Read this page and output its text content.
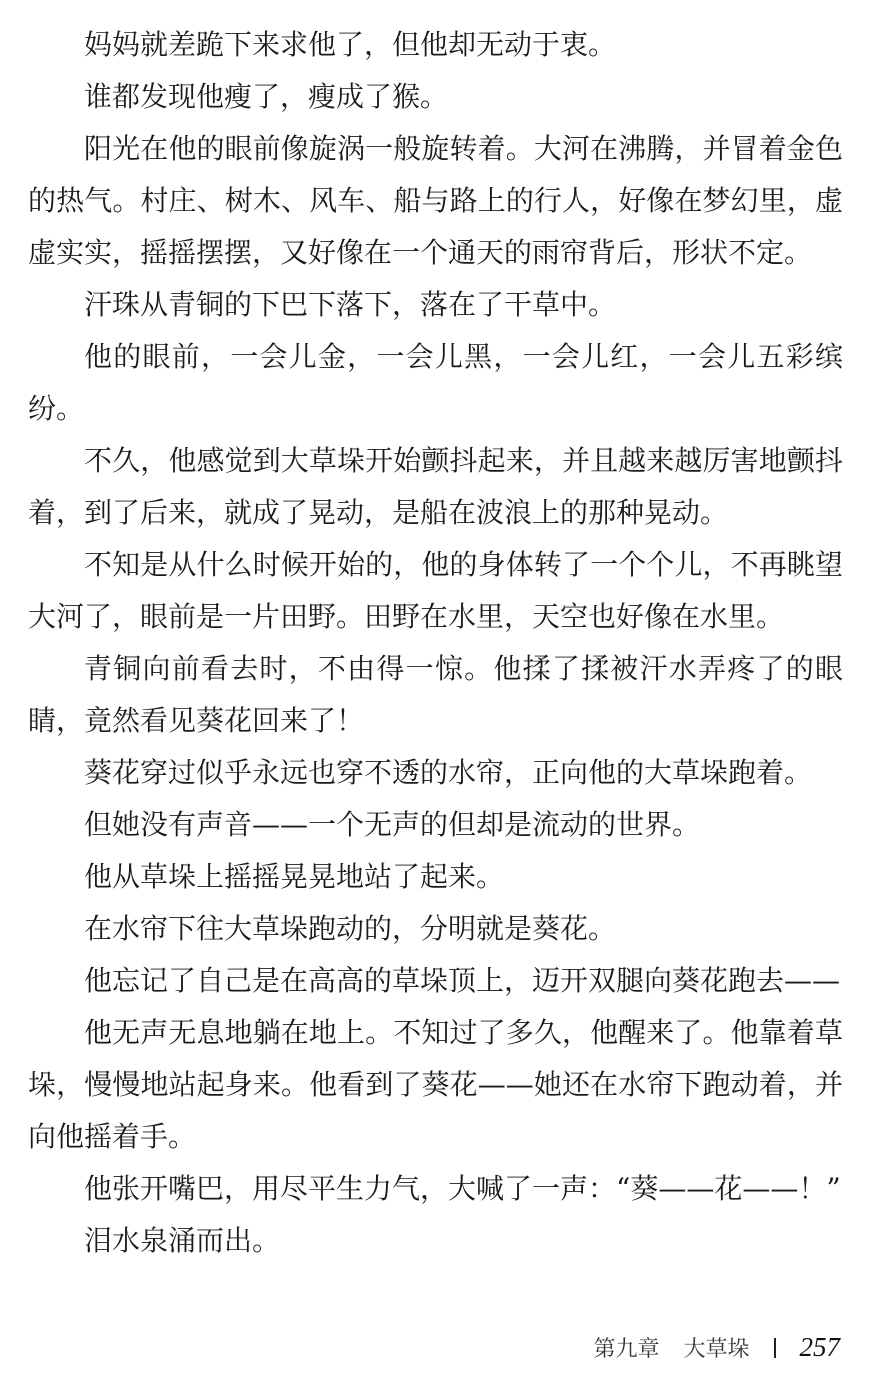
妈妈就差跪下来求他了，但他却无动于衷。

谁都发现他瘦了，瘦成了猴。

阳光在他的眼前像旋涡一般旋转着。大河在沸腾，并冒着金色的热气。村庄、树木、风车、船与路上的行人，好像在梦幻里，虚虚实实，摇摇摆摆，又好像在一个通天的雨帘背后，形状不定。

汗珠从青铜的下巴下落下，落在了干草中。

他的眼前，一会儿金，一会儿黑，一会儿红，一会儿五彩缤纷。

不久，他感觉到大草垛开始颤抖起来，并且越来越厉害地颤抖着，到了后来，就成了晃动，是船在波浪上的那种晃动。

不知是从什么时候开始的，他的身体转了一个个儿，不再眺望大河了，眼前是一片田野。田野在水里，天空也好像在水里。

青铜向前看去时，不由得一惊。他揉了揉被汗水弄疼了的眼睛，竟然看见葵花回来了！

葵花穿过似乎永远也穿不透的水帘，正向他的大草垛跑着。

但她没有声音——一个无声的但却是流动的世界。

他从草垛上摇摇晃晃地站了起来。

在水帘下往大草垛跑动的，分明就是葵花。

他忘记了自己是在高高的草垛顶上，迈开双腿向葵花跑去——

他无声无息地躺在地上。不知过了多久，他醒来了。他靠着草垛，慢慢地站起身来。他看到了葵花——她还在水帘下跑动着，并向他摇着手。

他张开嘴巴，用尽平生力气，大喊了一声：“葵——花——！”

泪水泉涌而出。

第九章 大草垛 257
